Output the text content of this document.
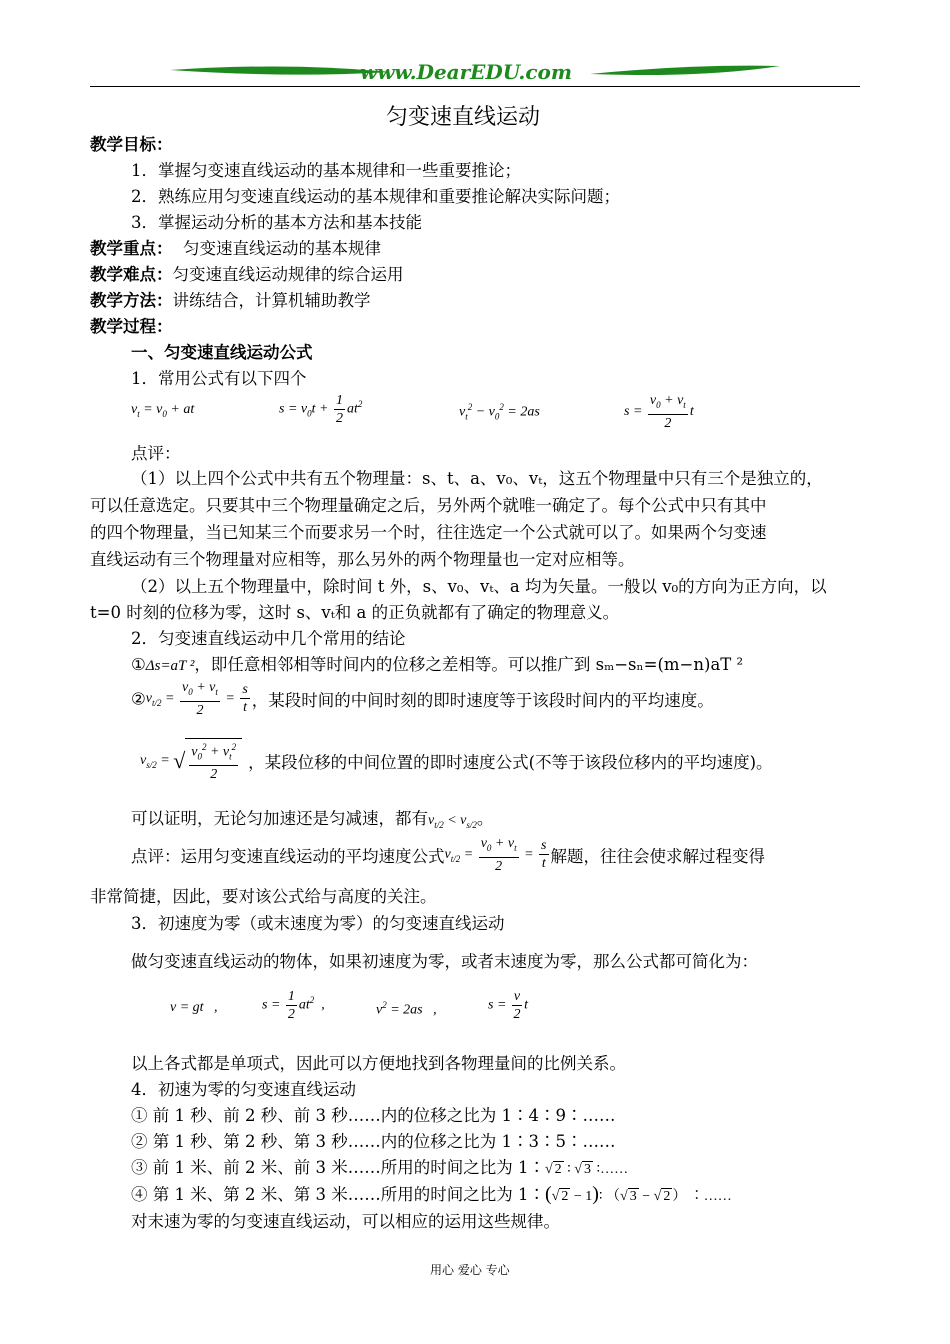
www.DearEDU.com
匀变速直线运动
教学目标：
1．掌握匀变速直线运动的基本规律和一些重要推论；
2．熟练应用匀变速直线运动的基本规律和重要推论解决实际问题；
3．掌握运动分析的基本方法和基本技能
教学重点：  匀变速直线运动的基本规律
教学难点：匀变速直线运动规律的综合运用
教学方法：讲练结合，计算机辅助教学
教学过程：
一、匀变速直线运动公式
1．常用公式有以下四个
$v_t = v_0$ + at	$s = v_0t + \frac{1}{2} at^2$
$v_t^2 - v_0^2 = 2as$	$s = \frac{v_0 + v_t}{2}$ t
点评：
（1）以上四个公式中共有五个物理量：s、t、a、v₀、vₜ，这五个物理量中只有三个是独立的，
可以任意选定。只要其中三个物理量确定之后，另外两个就唯一确定了。每个公式中只有其中
的四个物理量，当已知某三个而要求另一个时，往往选定一个公式就可以了。如果两个匀变速
直线运动有三个物理量对应相等，那么另外的两个物理量也一定对应相等。
（2）以上五个物理量中，除时间 t 外，s、v₀、vₜ、a 均为矢量。一般以 v₀的方向为正方向，以
t=0 时刻的位移为零，这时 s、vₜ和 a 的正负就都有了确定的物理意义。
2．匀变速直线运动中几个常用的结论
①Δs=aT ²，即任意相邻相等时间内的位移之差相等。可以推广到 sₘ−sₙ=(m−n)aT ²
$②v_{t/2} = \frac{v_0 + v_t}{2} = \frac{s}{t}$ ，某段时间的中间时刻的即时速度等于该段时间内的平均速度。
$v_{s/2}$ = √ $\frac{v_0^2 + v_t^2}{2}$ ，某段位移的中间位置的即时速度公式(不等于该段位移内的平均速度)。
可以证明，无论匀加速还是匀减速，都有$v_{t/2} < v_{s/2}$。
点评：运用匀变速直线运动的平均速度公式$v_{t/2} = \frac{v_0 + v_t}{2} = \frac{s}{t}$ 解题，往往会使求解过程变得
非常简捷，因此，要对该公式给与高度的关注。
3．初速度为零（或末速度为零）的匀变速直线运动
做匀变速直线运动的物体，如果初速度为零，或者末速度为零，那么公式都可简化为：
v = gt   ,	$s = \frac{1}{2} at^2$  ,	$v^2 = 2as$   ,	$s = \frac{v}{2}$ t
以上各式都是单项式，因此可以方便地找到各物理量间的比例关系。
4．初速为零的匀变速直线运动
① 前 1 秒、前 2 秒、前 3 秒……内的位移之比为 1∶4∶9∶……
② 第 1 秒、第 2 秒、第 3 秒……内的位移之比为 1∶3∶5∶……
③ 前 1 米、前 2 米、前 3 米……所用的时间之比为 1∶√ 2 ∶ √ 3 ∶……
④ 第 1 米、第 2 米、第 3 米……所用的时间之比为 1∶(√ 2 − 1)∶ （√ 3 − √ 2 ） ∶……
对末速为零的匀变速直线运动，可以相应的运用这些规律。
用心 爱心 专心
